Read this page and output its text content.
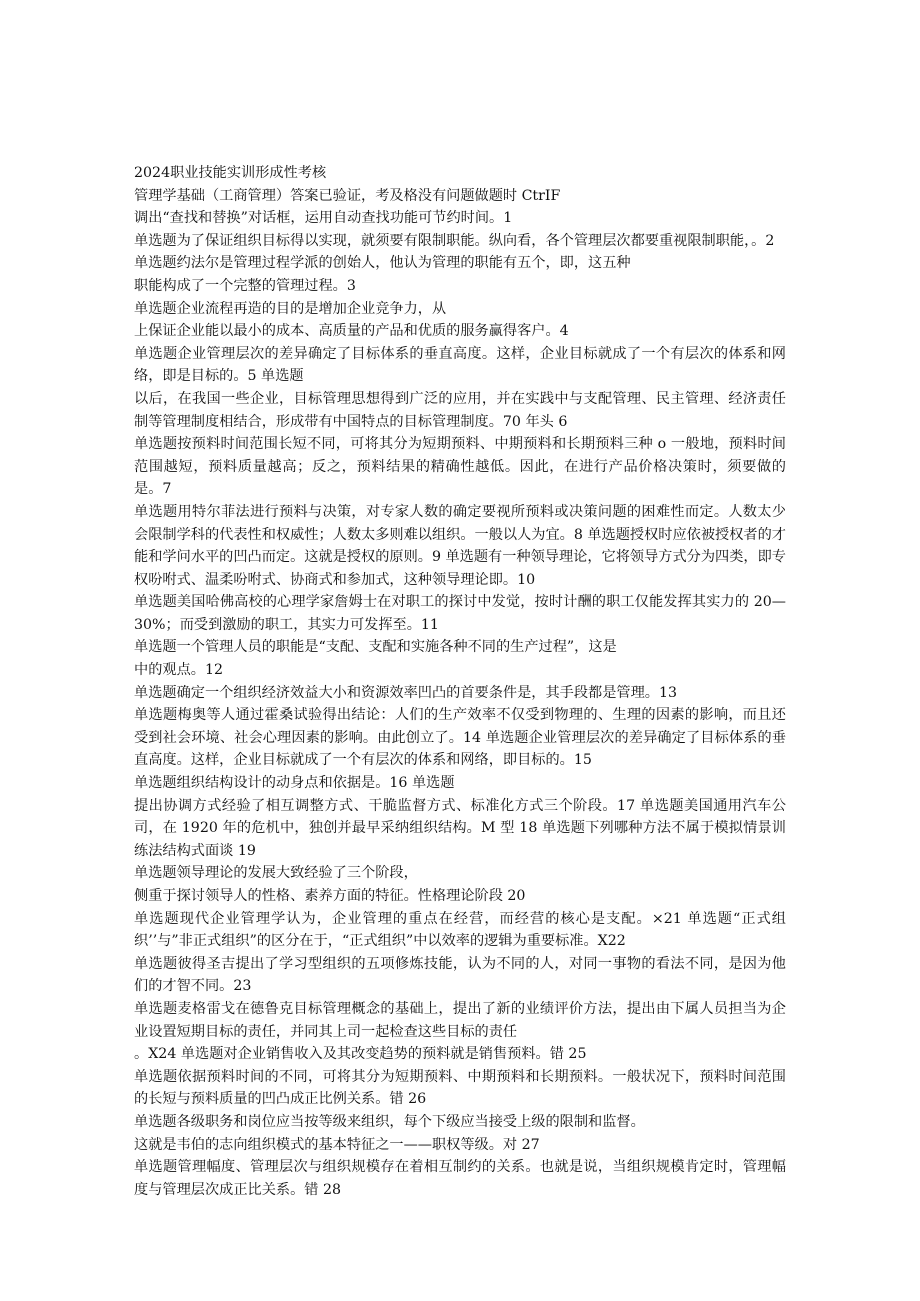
2024职业技能实训形成性考核

管理学基础（工商管理）答案已验证，考及格没有问题做题时 CtrIF

调出“查找和替换”对话框，运用自动查找功能可节约时间。1

单选题为了保证组织目标得以实现，就须要有限制职能。纵向看，各个管理层次都要重视限制职能，。2

单选题约法尔是管理过程学派的创始人，他认为管理的职能有五个，即，这五种

职能构成了一个完整的管理过程。3

单选题企业流程再造的目的是增加企业竞争力，从

上保证企业能以最小的成本、高质量的产品和优质的服务赢得客户。4

单选题企业管理层次的差异确定了目标体系的垂直高度。这样，企业目标就成了一个有层次的体系和网络，即是目标的。5 单选题

以后，在我国一些企业，目标管理思想得到广泛的应用，并在实践中与支配管理、民主管理、经济责任制等管理制度相结合，形成带有中国特点的目标管理制度。70 年头 6

单选题按预料时间范围长短不同，可将其分为短期预料、中期预料和长期预料三种 o 一般地，预料时间范围越短，预料质量越高；反之，预料结果的精确性越低。因此，在进行产品价格决策时，须要做的是。7

单选题用特尔菲法进行预料与决策，对专家人数的确定要视所预料或决策问题的困难性而定。人数太少会限制学科的代表性和权威性；人数太多则难以组织。一般以人为宜。8 单选题授权时应依被授权者的才能和学问水平的凹凸而定。这就是授权的原则。9 单选题有一种领导理论，它将领导方式分为四类，即专权吩咐式、温柔吩咐式、协商式和参加式，这种领导理论即。10

单选题美国哈佛高校的心理学家詹姆士在对职工的探讨中发觉，按时计酬的职工仅能发挥其实力的 20—30%；而受到激励的职工，其实力可发挥至。11

单选题一个管理人员的职能是“支配、支配和实施各种不同的生产过程”，这是

中的观点。12

单选题确定一个组织经济效益大小和资源效率凹凸的首要条件是，其手段都是管理。13

单选题梅奥等人通过霍桑试验得出结论：人们的生产效率不仅受到物理的、生理的因素的影响，而且还受到社会环境、社会心理因素的影响。由此创立了。14 单选题企业管理层次的差异确定了目标体系的垂直高度。这样，企业目标就成了一个有层次的体系和网络，即目标的。15

单选题组织结构设计的动身点和依据是。16 单选题

提出协调方式经验了相互调整方式、干脆监督方式、标准化方式三个阶段。17 单选题美国通用汽车公司，在 1920 年的危机中，独创并最早采纳组织结构。M 型 18 单选题下列哪种方法不属于模拟情景训练法结构式面谈 19

单选题领导理论的发展大致经验了三个阶段，

侧重于探讨领导人的性格、素养方面的特征。性格理论阶段 20

单选题现代企业管理学认为，企业管理的重点在经营，而经营的核心是支配。×21 单选题“正式组织’’与”非正式组织”的区分在于，“正式组织”中以效率的逻辑为重要标准。X22

单选题彼得圣吉提出了学习型组织的五项修炼技能，认为不同的人，对同一事物的看法不同，是因为他们的才智不同。23

单选题麦格雷戈在德鲁克目标管理概念的基础上，提出了新的业绩评价方法，提出由下属人员担当为企业设置短期目标的责任，并同其上司一起检查这些目标的责任

。X24 单选题对企业销售收入及其改变趋势的预料就是销售预料。错 25

单选题依据预料时间的不同，可将其分为短期预料、中期预料和长期预料。一般状况下，预料时间范围的长短与预料质量的凹凸成正比例关系。错 26

单选题各级职务和岗位应当按等级来组织，每个下级应当接受上级的限制和监督。

这就是韦伯的志向组织模式的基本特征之一——职权等级。对 27

单选题管理幅度、管理层次与组织规模存在着相互制约的关系。也就是说，当组织规模肯定时，管理幅度与管理层次成正比关系。错 28
